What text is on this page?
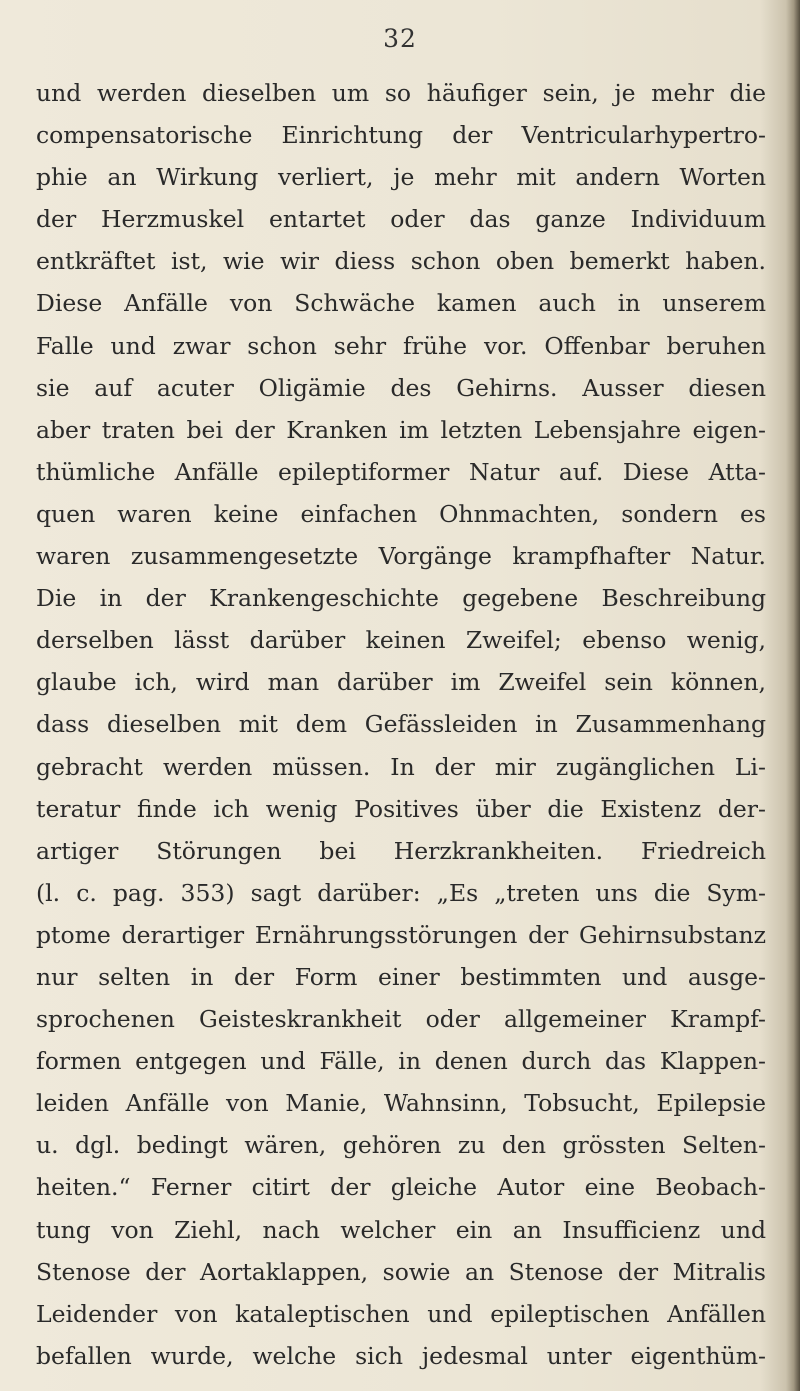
32
und werden dieselben um so häufiger sein, je mehr die
compensatorische Einrichtung der Ventricularhypertro-
phie an Wirkung verliert, je mehr mit andern Worten
der Herzmuskel entartet oder das ganze Individuum
entkräftet ist, wie wir diess schon oben bemerkt haben.
Diese Anfälle von Schwäche kamen auch in unserem
Falle und zwar schon sehr frühe vor. Offenbar beruhen
sie auf acuter Oligämie des Gehirns. Ausser diesen
aber traten bei der Kranken im letzten Lebensjahre eigen-
thümliche Anfälle epileptiformer Natur auf. Diese Atta-
quen waren keine einfachen Ohnmachten, sondern es
waren zusammengesetzte Vorgänge krampfhafter Natur.
Die in der Krankengeschichte gegebene Beschreibung
derselben lässt darüber keinen Zweifel; ebenso wenig,
glaube ich, wird man darüber im Zweifel sein können,
dass dieselben mit dem Gefässleiden in Zusammenhang
gebracht werden müssen. In der mir zugänglichen Li-
teratur finde ich wenig Positives über die Existenz der-
artiger Störungen bei Herzkrankheiten. Friedreich
(l. c. pag. 353) sagt darüber: „Es „treten uns die Sym-
ptome derartiger Ernährungsstörungen der Gehirnsubstanz
nur selten in der Form einer bestimmten und ausge-
sprochenen Geisteskrankheit oder allgemeiner Krampf-
formen entgegen und Fälle, in denen durch das Klappen-
leiden Anfälle von Manie, Wahnsinn, Tobsucht, Epilepsie
u. dgl. bedingt wären, gehören zu den grössten Selten-
heiten.“ Ferner citirt der gleiche Autor eine Beobach-
tung von Ziehl, nach welcher ein an Insufficienz und
Stenose der Aortaklappen, sowie an Stenose der Mitralis
Leidender von kataleptischen und epileptischen Anfällen
befallen wurde, welche sich jedesmal unter eigenthüm-
